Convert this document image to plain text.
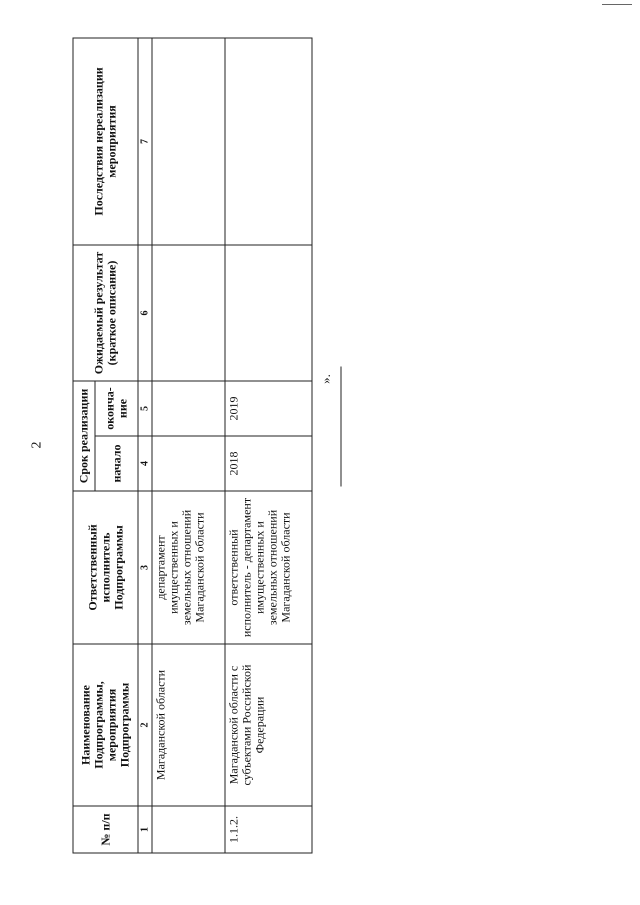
2
№ п/п	Наименование Подпрограммы, мероприятия Подпрограммы	Ответственный исполнитель Подпрограммы	Срок реализации		Ожидаемый результат (краткое описание)	Последствия нереализации мероприятия
			начало	оконча-ние		
1	2	3	4	5	6	7
	Магаданской области	департамент имущественных и земельных отношений Магаданской области				
1.1.2.	Магаданской области с субъектами Российской Федерации	ответственный исполнитель - департамент имущественных и земельных отношений Магаданской области	2018	2019		
».
